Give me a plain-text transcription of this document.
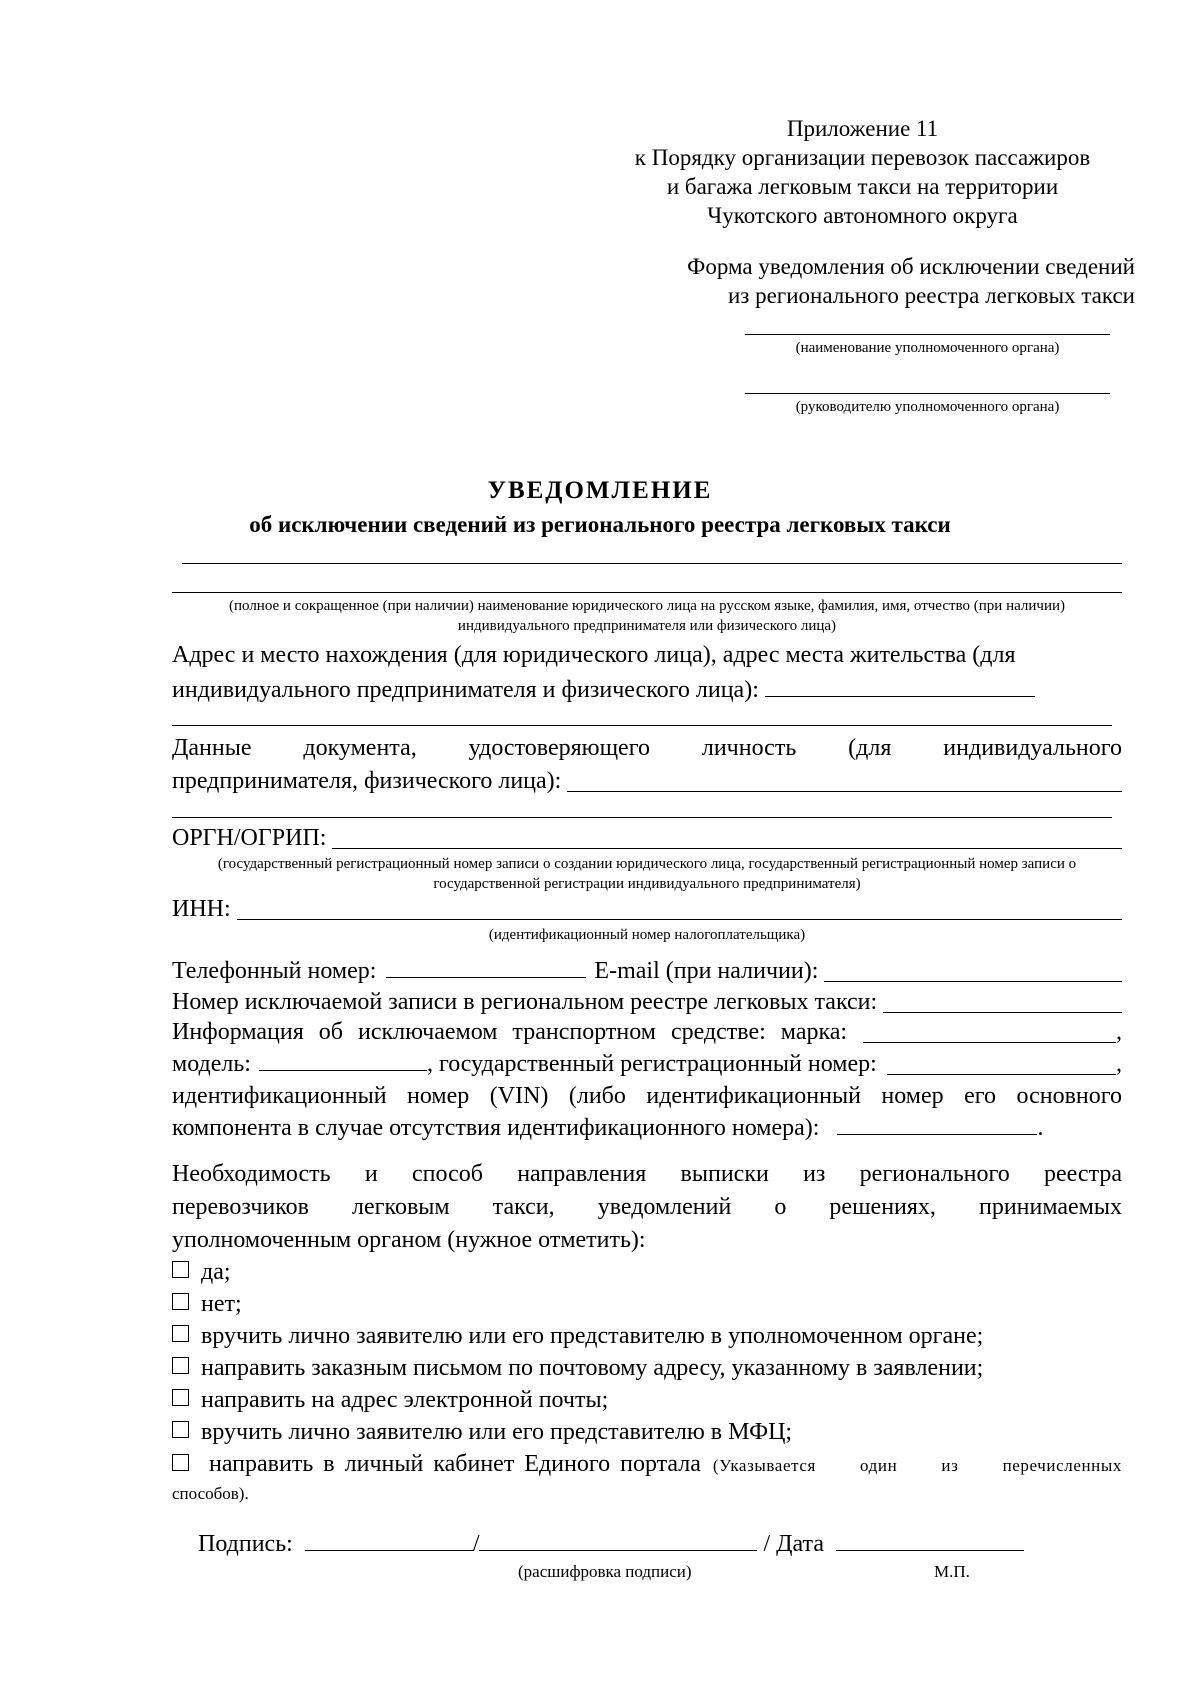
Приложение 11
к Порядку организации перевозок пассажиров
и багажа легковым такси на территории
Чукотского автономного округа
Форма уведомления об исключении сведений
из регионального реестра легковых такси
(наименование уполномоченного органа)
(руководителю уполномоченного органа)
УВЕДОМЛЕНИЕ
об исключении сведений из регионального реестра легковых такси
(полное и сокращенное (при наличии) наименование юридического лица на русском языке, фамилия, имя, отчество (при наличии) индивидуального предпринимателя или физического лица)
Адрес и место нахождения (для юридического лица), адрес места жительства (для индивидуального предпринимателя и физического лица):
Данные документа, удостоверяющего личность (для индивидуального
предпринимателя, физического лица):
ОРГН/ОГРИП:
(государственный регистрационный номер записи о создании юридического лица, государственный регистрационный номер записи о государственной регистрации индивидуального предпринимателя)
ИНН:
(идентификационный номер налогоплательщика)
Телефонный номер:	E-mail (при наличии):
Номер исключаемой записи в региональном реестре легковых такси:
Информация об исключаемом транспортном средстве: марка:	,
модель:	, государственный регистрационный номер:	,
идентификационный номер (VIN) (либо идентификационный номер его основного
компонента в случае отсутствия идентификационного номера):	.
Необходимость и способ направления выписки из регионального реестра
перевозчиков легковым такси, уведомлений о решениях, принимаемых
уполномоченным органом (нужное отметить):
да;
нет;
вручить лично заявителю или его представителю в уполномоченном органе;
направить заказным письмом по почтовому адресу, указанному в заявлении;
направить на адрес электронной почты;
вручить лично заявителю или его представителю в МФЦ;
направить в личный кабинет Единого портала (Указывается один из перечисленных
способов).
Подпись:	/	/ Дата
(расшифровка подписи)	М.П.
